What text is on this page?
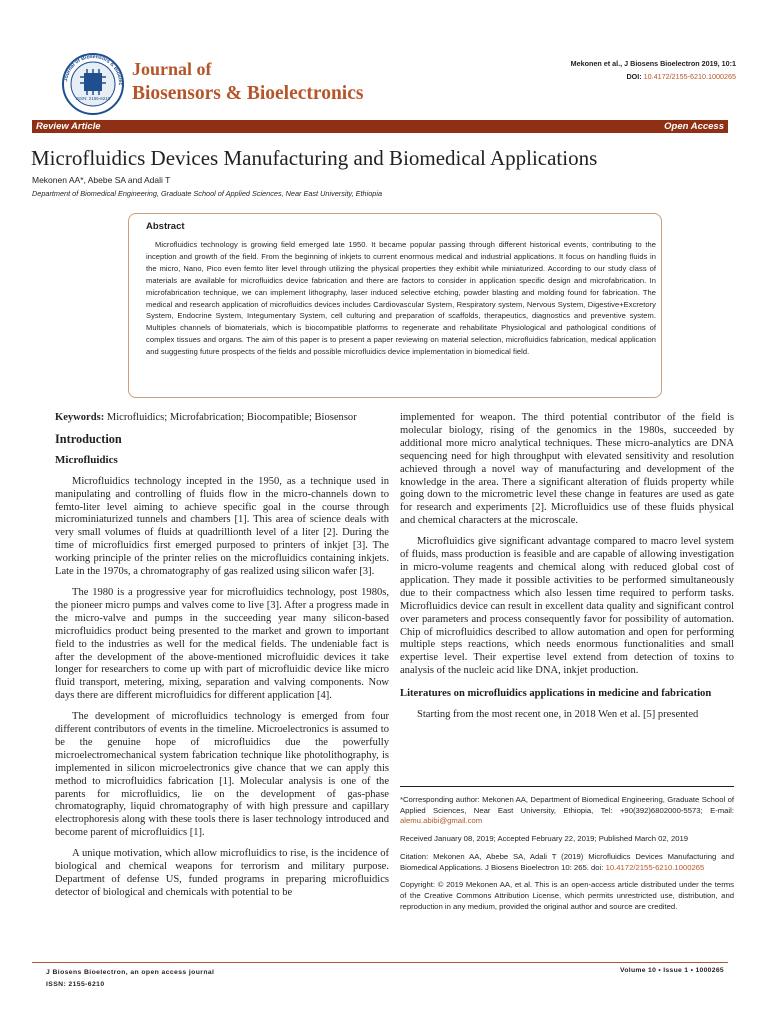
Journal of Biosensors & Bioelec
ISSN: 2155-6210
Journal of
Biosensors & Bioelectronics
Mekonen et al., J Biosens Bioelectron 2019, 10:1
DOI: 10.4172/2155-6210.1000265
Review Article	Open Access
Microfluidics Devices Manufacturing and Biomedical Applications
Mekonen AA*, Abebe SA and Adali T
Department of Biomedical Engineering, Graduate School of Applied Sciences, Near East University, Ethiopia
Abstract
Microfluidics technology is growing field emerged late 1950. It became popular passing through different historical events, contributing to the inception and growth of the field. From the beginning of inkjets to current enormous medical and industrial applications. It focus on handling fluids in the micro, Nano, Pico even femto liter level through utilizing the physical properties they exhibit while miniaturized. According to our study class of materials are available for microfluidics device fabrication and there are factors to consider in application specific design and microfabrication. In microfabrication technique, we can implement lithography, laser induced selective etching, powder blasting and molding found for fabrication. The medical and research application of microfluidics devices includes Cardiovascular System, Respiratory system, Nervous System, Digestive+Excretory System, Endocrine System, Integumentary System, cell culturing and preparation of scaffolds, therapeutics, diagnostics and preventive system. Multiples channels of biomaterials, which is biocompatible platforms to regenerate and rehabilitate Physiological and pathological conditions of complex tissues and organs. The aim of this paper is to present a paper reviewing on material selection, microfluidics fabrication, medical application and suggesting future prospects of the fields and possible microfluidics device implementation in biomedical field.

Keywords: Microfluidics; Microfabrication; Biocompatible; Biosensor

Introduction
Microfluidics

Microfluidics technology incepted in the 1950, as a technique used in manipulating and controlling of fluids flow in the micro-channels down to femto-liter level aiming to achieve specific goal in the course through microminiaturized tunnels and chambers [1]. This area of science deals with very small volumes of fluids at quadrillionth level of a liter [2]. During the time of microfluidics first emerged purposed to printers of inkjet [3]. The working principle of the printer relies on the microfluidics containing inkjets. Late in the 1970s, a chromatography of gas realized using silicon wafer [3].

The 1980 is a progressive year for microfluidics technology, post 1980s, the pioneer micro pumps and valves come to live [3]. After a progress made in the micro-valve and pumps in the succeeding year many silicon-based microfluidics product being presented to the market and grown to important field to the industries as well for the medical fields. The undeniable fact is after the development of the above-mentioned microfluidic devices it take longer for researchers to come up with part of microfluidic device like micro fluid transport, metering, mixing, separation and valving components. Now days there are different microfluidics for different application [4].

The development of microfluidics technology is emerged from four different contributors of events in the timeline. Microelectronics is assumed to be the genuine hope of microfluidics due the powerfully microelectromechanical system fabrication technique like photolithography, is implemented in silicon microelectronics give chance that we can apply this method to microfluidics fabrication [1]. Molecular analysis is one of the parents for microfluidics, lie on the development of gas-phase chromatography, liquid chromatography of with high pressure and capillary electrophoresis along with these tools there is laser technology introduced and become parent of microfluidics [1].

A unique motivation, which allow microfluidics to rise, is the incidence of biological and chemical weapons for terrorism and military purpose. Department of defense US, funded programs in preparing microfluidics detector of biological and chemicals with potential to be

implemented for weapon. The third potential contributor of the field is molecular biology, rising of the genomics in the 1980s, succeeded by additional more micro analytical techniques. These micro-analytics are DNA sequencing need for high throughput with elevated sensitivity and resolution achieved through a novel way of manufacturing and development of the knowledge in the area. There a significant alteration of fluids property while going down to the micrometric level these change in features are used as gate for research and experiments [2]. Microfluidics use of these fluids physical and chemical characters at the microscale.

Microfluidics give significant advantage compared to macro level system of fluids, mass production is feasible and are capable of allowing investigation in micro-volume reagents and chemical along with reduced global cost of application. They made it possible activities to be performed simultaneously due to their compactness which also lessen time required to perform tasks. Microfluidics device can result in excellent data quality and significant control over parameters and process consequently favor for possibility of automation. Chip of microfluidics described to allow automation and open for performing multiple steps reactions, which needs enormous functionalities and small expertise level. Their expertise level extend from detection of toxins to analysis of the nucleic acid like DNA, inkjet production.

Literatures on microfluidics applications in medicine and fabrication

Starting from the most recent one, in 2018 Wen et al. [5] presented

*Corresponding author: Mekonen AA, Department of Biomedical Engineering, Graduate School of Applied Sciences, Near East University, Ethiopia, Tel: +90(392)6802000-5573; E-mail: alemu.abibi@gmail.com

Received January 08, 2019; Accepted February 22, 2019; Published March 02, 2019

Citation: Mekonen AA, Abebe SA, Adali T (2019) Microfluidics Devices Manufacturing and Biomedical Applications. J Biosens Bioelectron 10: 265. doi: 10.4172/2155-6210.1000265

Copyright: © 2019 Mekonen AA, et al. This is an open-access article distributed under the terms of the Creative Commons Attribution License, which permits unrestricted use, distribution, and reproduction in any medium, provided the original author and source are credited.

J Biosens Bioelectron, an open access journal
ISSN: 2155-6210
Volume 10 • Issue 1 • 1000265
